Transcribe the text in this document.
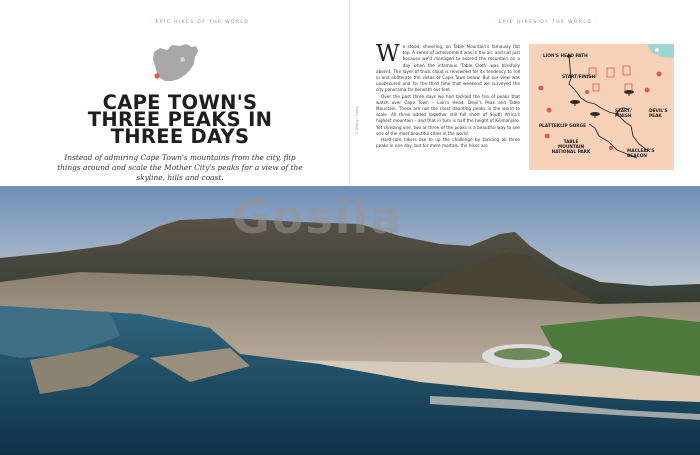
· EPIC HIKES OF THE WORLD ·
CAPE TOWN'S
THREE PEAKS IN
THREE DAYS

Instead of admiring Cape Town's mountains from the city, flip things around and scale the Mother City's peaks for a view of the skyline, hills and coast.

· EPIC HIKES OF THE WORLD ·
© Alamy / Getty

We stood, shivering, on Table Mountain's famously flat top. A sense of achievement was in the air, and not just because we'd managed to ascend the mountain on a day when the infamous 'Table Cloth' was blissfully absent. The layer of thick cloud is renowned for its tendency to roll in and obliterate the vistas of Cape Town below. But our view was unobscured and for the third time that weekend we surveyed the city panorama far beneath our feet.

Over the past three days we had tackled the trio of peaks that watch over Cape Town – Lion's Head, Devil's Peak and Table Mountain. These are not the most daunting peaks in the world to scale. All three added together still fall short of South Africa's highest mountain – and that in turn is half the height of Kilimanjaro. Yet climbing one, two or three of the peaks is a beautiful way to see one of the most beautiful cities in the world.

Hard-core hikers like to up the challenge by tackling all three peaks in one day, but for mere mortals, the hikes are

LION'S HEAD PATH
START/FINISH
START/ FINISH
DEVIL'S PEAK
PLATTEKLIP GORGE
TABLE MOUNTAIN NATIONAL PARK	MACLEAR'S BEACON
Gosila
